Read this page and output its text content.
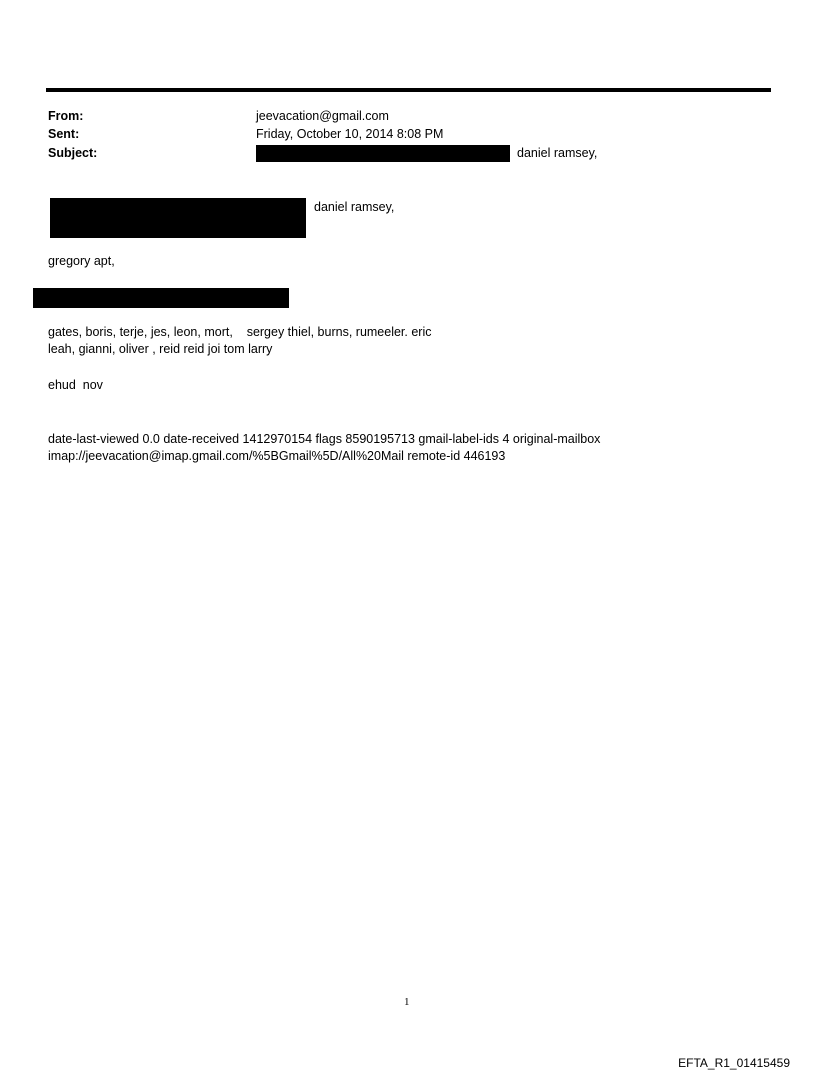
From:	jeevacation@gmail.com
Sent:	Friday, October 10, 2014 8:08 PM
Subject:	daniel ramsey,
daniel ramsey,
gregory apt,
gates, boris, terje, jes, leon, mort,    sergey thiel, burns, rumeeler. eric
leah, gianni, oliver , reid reid joi tom larry
ehud  nov
date-last-viewed 0.0 date-received 1412970154 flags 8590195713 gmail-label-ids 4 original-mailbox
imap://jeevacation@imap.gmail.com/%5BGmail%5D/All%20Mail remote-id 446193
1
EFTA_R1_01415459
